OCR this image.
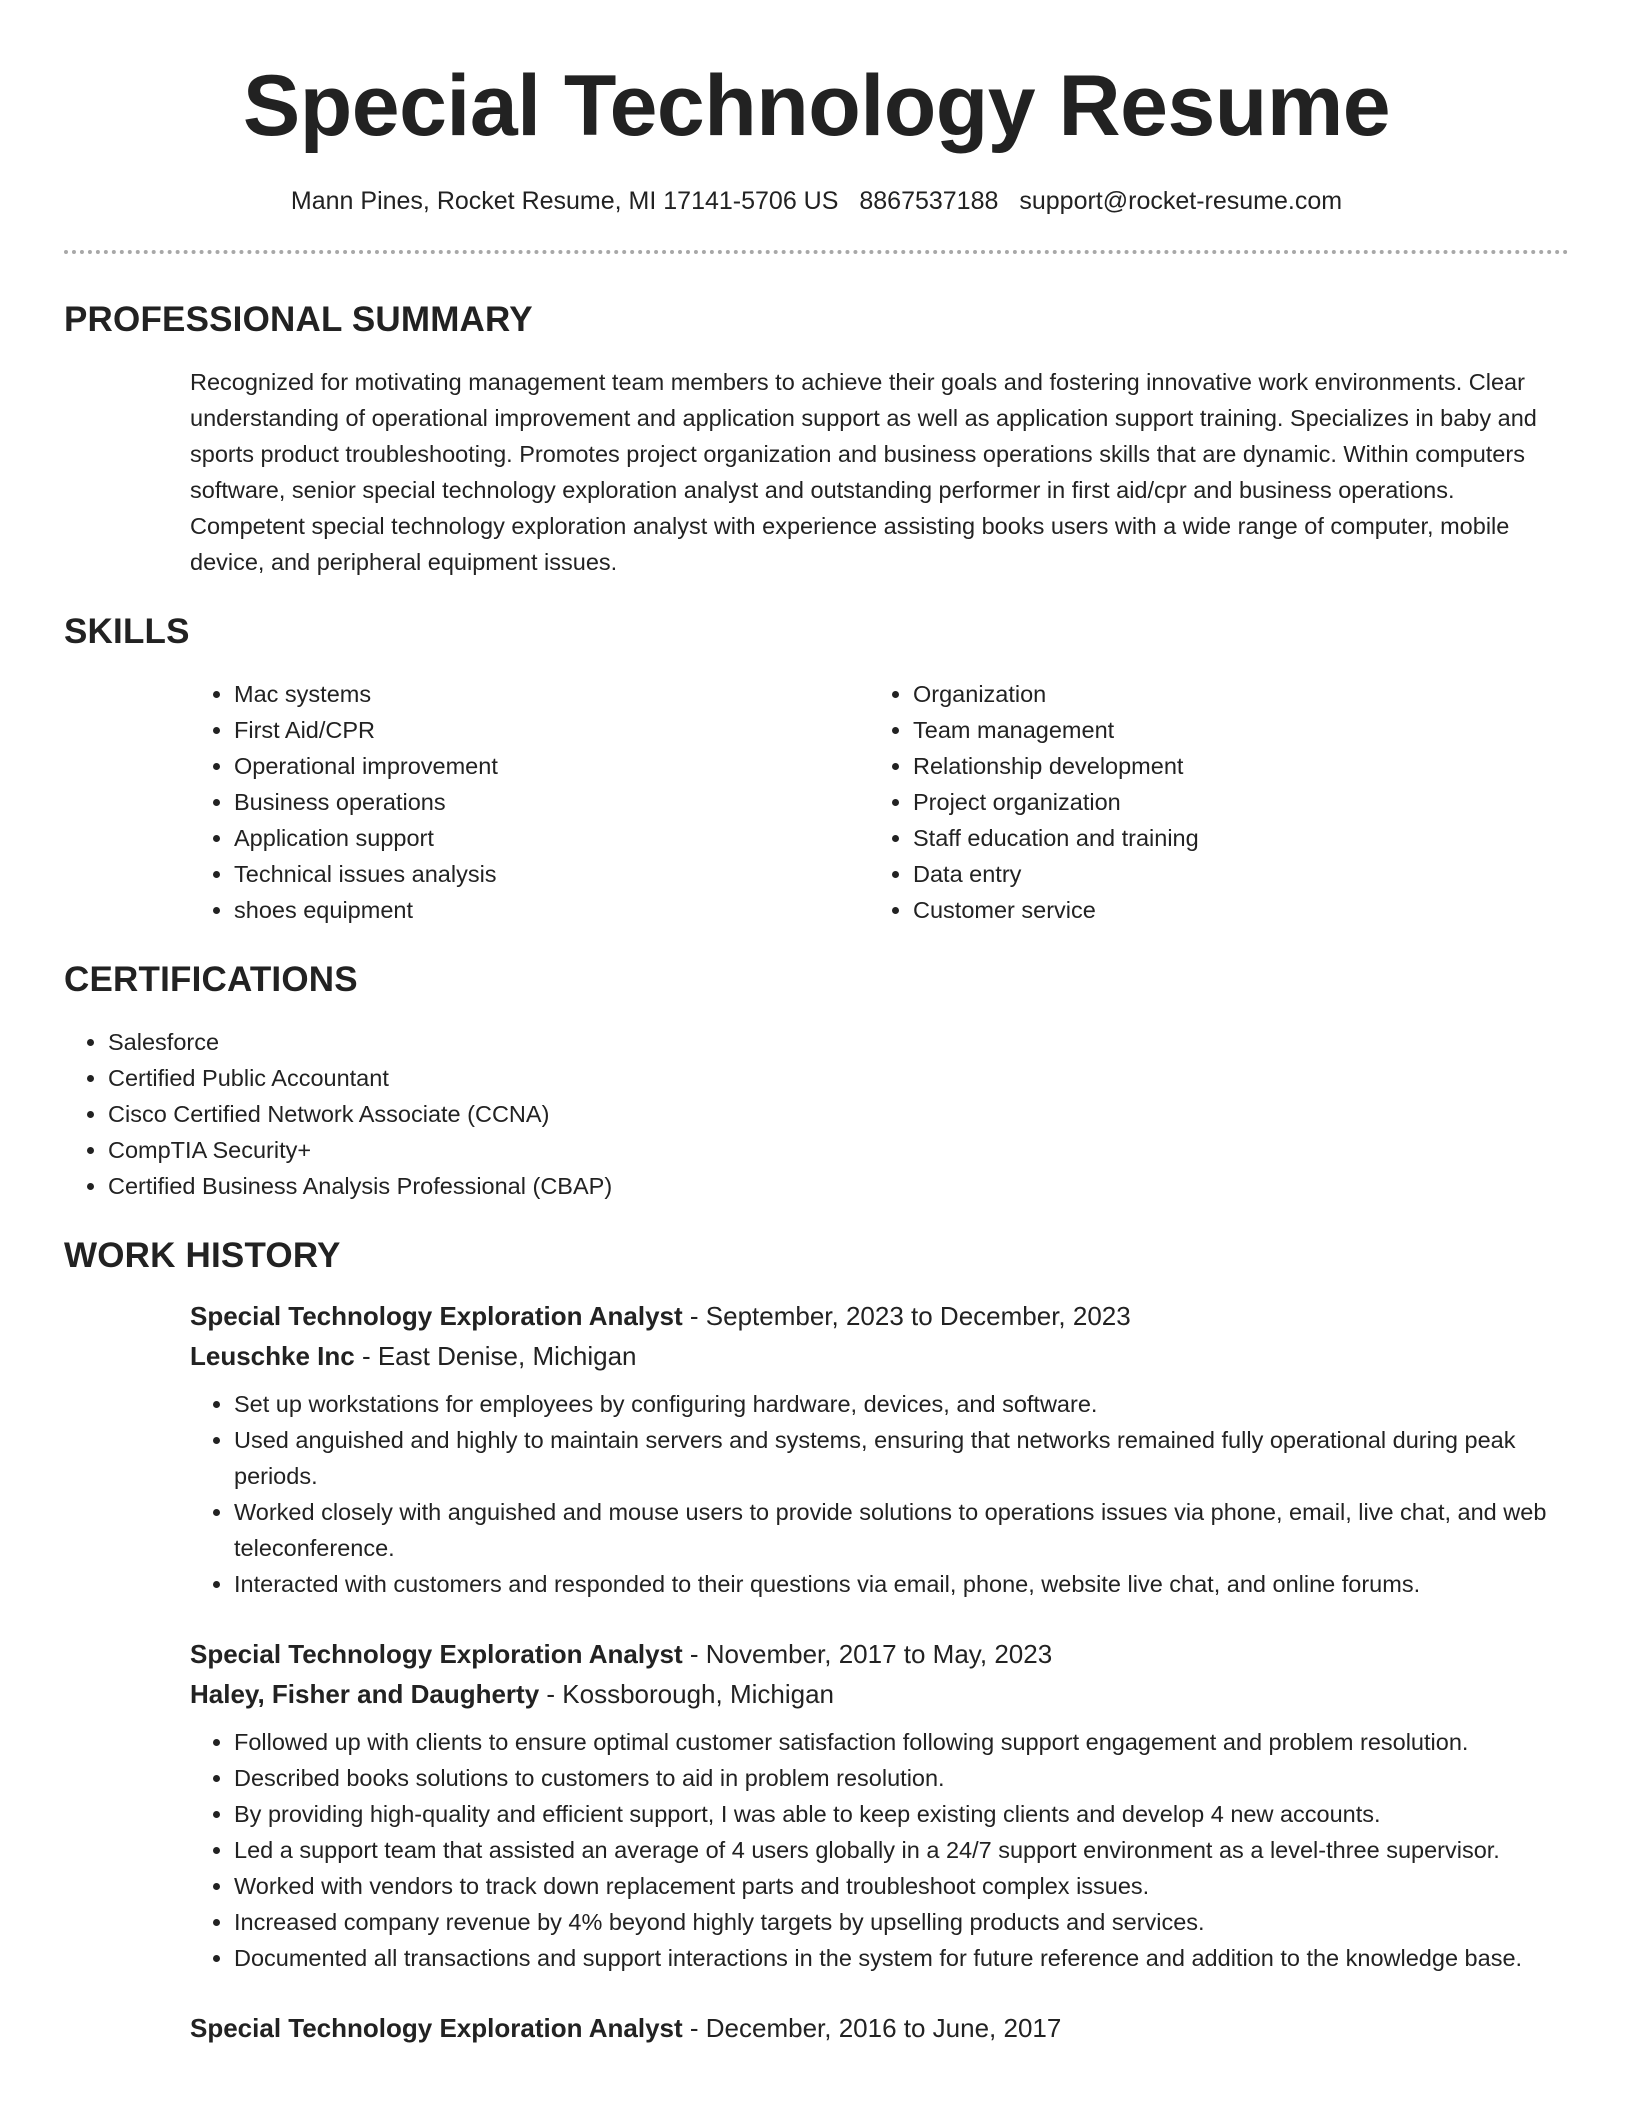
Special Technology Resume
Mann Pines, Rocket Resume, MI 17141-5706 US 8867537188 support@rocket-resume.com
PROFESSIONAL SUMMARY

Recognized for motivating management team members to achieve their goals and fostering innovative work environments. Clear understanding of operational improvement and application support as well as application support training. Specializes in baby and sports product troubleshooting. Promotes project organization and business operations skills that are dynamic. Within computers software, senior special technology exploration analyst and outstanding performer in first aid/cpr and business operations. Competent special technology exploration analyst with experience assisting books users with a wide range of computer, mobile device, and peripheral equipment issues.

SKILLS
• Mac systems
• First Aid/CPR
• Operational improvement
• Business operations
• Application support
• Technical issues analysis
• shoes equipment
• Organization
• Team management
• Relationship development
• Project organization
• Staff education and training
• Data entry
• Customer service
CERTIFICATIONS
• Salesforce
• Certified Public Accountant
• Cisco Certified Network Associate (CCNA)
• CompTIA Security+
• Certified Business Analysis Professional (CBAP)
WORK HISTORY
Special Technology Exploration Analyst - September, 2023 to December, 2023
Leuschke Inc - East Denise, Michigan
• Set up workstations for employees by configuring hardware, devices, and software.
• Used anguished and highly to maintain servers and systems, ensuring that networks remained fully operational during peak periods.
• Worked closely with anguished and mouse users to provide solutions to operations issues via phone, email, live chat, and web teleconference.
• Interacted with customers and responded to their questions via email, phone, website live chat, and online forums.
Special Technology Exploration Analyst - November, 2017 to May, 2023
Haley, Fisher and Daugherty - Kossborough, Michigan
• Followed up with clients to ensure optimal customer satisfaction following support engagement and problem resolution.
• Described books solutions to customers to aid in problem resolution.
• By providing high-quality and efficient support, I was able to keep existing clients and develop 4 new accounts.
• Led a support team that assisted an average of 4 users globally in a 24/7 support environment as a level-three supervisor.
• Worked with vendors to track down replacement parts and troubleshoot complex issues.
• Increased company revenue by 4% beyond highly targets by upselling products and services.
• Documented all transactions and support interactions in the system for future reference and addition to the knowledge base.
Special Technology Exploration Analyst - December, 2016 to June, 2017
